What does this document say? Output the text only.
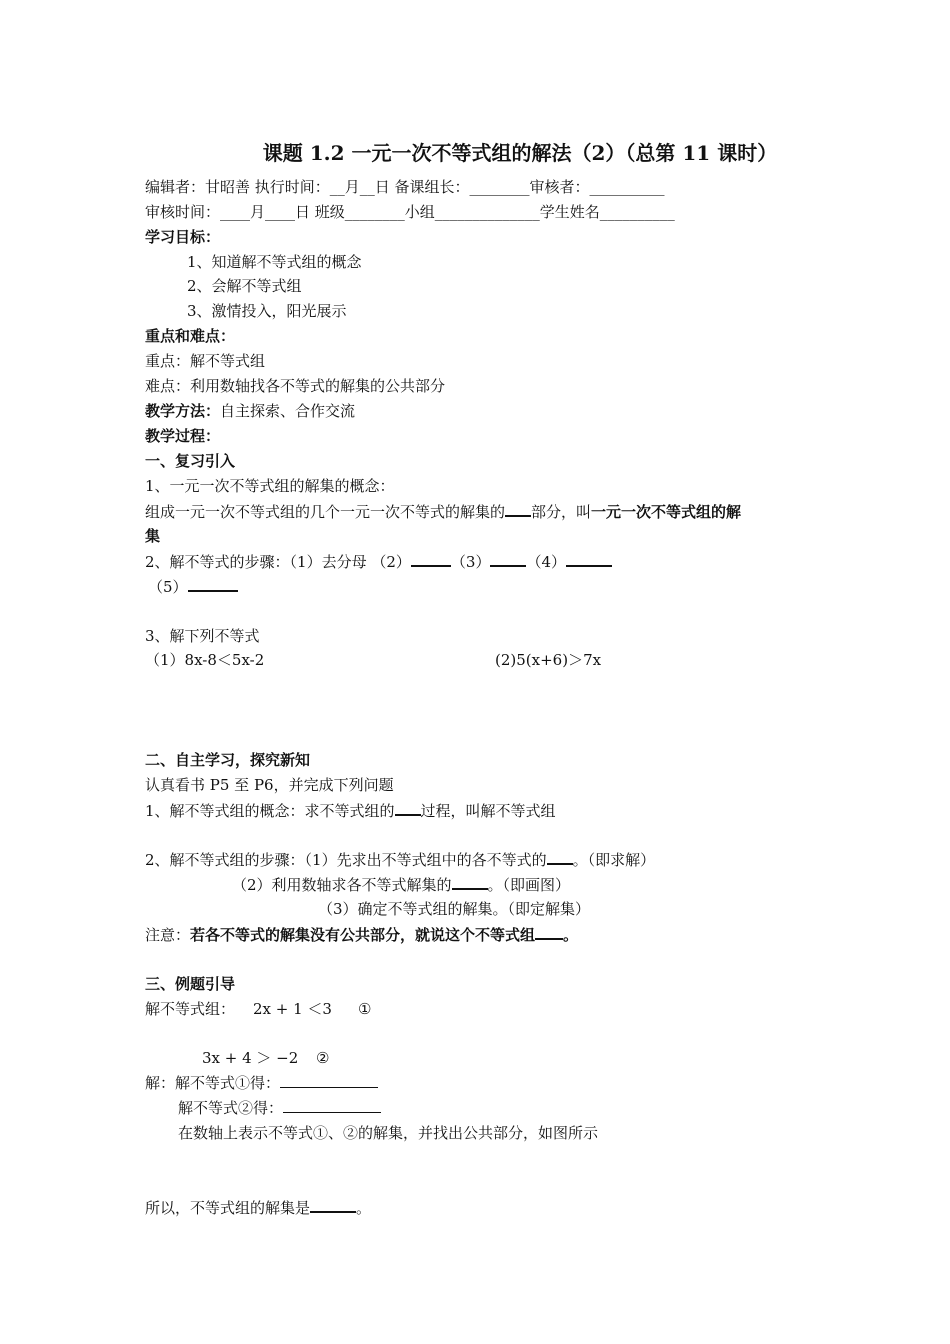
课题 1.2 一元一次不等式组的解法（2）（总第 11 课时）
编辑者：甘昭善 执行时间：__月__日 备课组长：________审核者：__________
审核时间：____月____日 班级________小组______________学生姓名__________
学习目标：
1、知道解不等式组的概念
2、会解不等式组
3、激情投入，阳光展示
重点和难点：
重点：解不等式组
难点：利用数轴找各不等式的解集的公共部分
教学方法：自主探索、合作交流
教学过程：
一、复习引入
1、一元一次不等式组的解集的概念：
组成一元一次不等式组的几个一元一次不等式的解集的 部分，叫一元一次不等式组的解
集
2、解不等式的步骤：（1）去分母 （2）	（3） （4）
（5）
3、解下列不等式
（1）8x-8＜5x-2	(2)5(x+6)＞7x
二、自主学习，探究新知
认真看书 P5 至 P6，并完成下列问题
1、解不等式组的概念：求不等式组的 过程，叫解不等式组
2、解不等式组的步骤：（1）先求出不等式组中的各不等式的 。（即求解）
（2）利用数轴求各不等式解集的 。（即画图）
（3）确定不等式组的解集。（即定解集）
注意：若各不等式的解集没有公共部分，就说这个不等式组 。
三、例题引导
解不等式组： 2x + 1 ＜3 ①
3x + 4 ＞ −2 ②
解：解不等式①得：
解不等式②得：
在数轴上表示不等式①、②的解集，并找出公共部分，如图所示
所以，不等式组的解集是	。
